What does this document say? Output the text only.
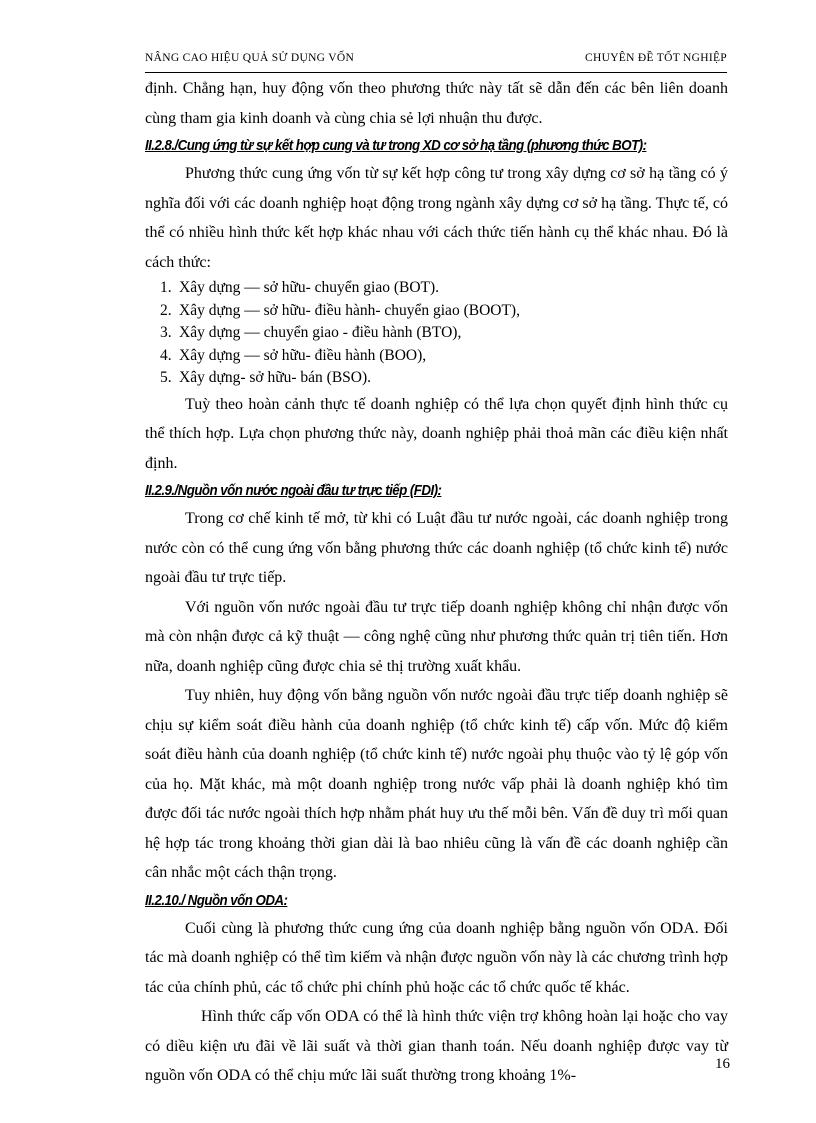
NÂNG CAO HIỆU QUẢ SỬ DỤNG VỐN	CHUYÊN ĐỀ TỐT NGHIỆP

định. Chẳng hạn, huy động vốn theo phương thức này tất sẽ dẫn đến các bên liên doanh cùng tham gia kinh doanh và cùng chia sẻ lợi nhuận thu được.

II.2.8./Cung ứng từ sự kết hợp cung và tư trong XD cơ sở hạ tầng (phương thức BOT):

Phương thức cung ứng vốn từ sự kết hợp công tư trong xây dựng cơ sở hạ tầng có ý nghĩa đối với các doanh nghiệp hoạt động trong ngành xây dựng cơ sở hạ tầng. Thực tế, có thể có nhiều hình thức kết hợp khác nhau với cách thức tiến hành cụ thể khác nhau. Đó là cách thức:

1. Xây dựng — sở hữu- chuyển giao (BOT).
2. Xây dựng — sở hữu- điều hành- chuyển giao (BOOT),
3. Xây dựng — chuyển giao - điều hành (BTO),
4. Xây dựng — sở hữu- điều hành (BOO),
5. Xây dựng- sở hữu- bán (BSO).

Tuỳ theo hoàn cảnh thực tế doanh nghiệp có thể lựa chọn quyết định hình thức cụ thể thích hợp. Lựa chọn phương thức này, doanh nghiệp phải thoả mãn các điều kiện nhất định.

II.2.9./Nguồn vốn nước ngoài đầu tư trực tiếp (FDI):

Trong cơ chế kinh tế mở, từ khi có Luật đầu tư nước ngoài, các doanh nghiệp trong nước còn có thể cung ứng vốn bằng phương thức các doanh nghiệp (tổ chức kinh tế) nước ngoài đầu tư trực tiếp.

Với nguồn vốn nước ngoài đầu tư trực tiếp doanh nghiệp không chỉ nhận được vốn mà còn nhận được cả kỹ thuật — công nghệ cũng như phương thức quản trị tiên tiến. Hơn nữa, doanh nghiệp cũng được chia sẻ thị trường xuất khẩu.

Tuy nhiên, huy động vốn bằng nguồn vốn nước ngoài đầu trực tiếp doanh nghiệp sẽ chịu sự kiểm soát điều hành của doanh nghiệp (tổ chức kinh tế) cấp vốn. Mức độ kiểm soát điều hành của doanh nghiệp (tổ chức kinh tế) nước ngoài phụ thuộc vào tỷ lệ góp vốn của họ. Mặt khác, mà một doanh nghiệp trong nước vấp phải là doanh nghiệp khó tìm được đối tác nước ngoài thích hợp nhằm phát huy ưu thế mỗi bên. Vấn đề duy trì mối quan hệ hợp tác trong khoảng thời gian dài là bao nhiêu cũng là vấn đề các doanh nghiệp cần cân nhắc một cách thận trọng.

II.2.10./ Nguồn vốn ODA:

Cuối cùng là phương thức cung ứng của doanh nghiệp bằng nguồn vốn ODA. Đối tác mà doanh nghiệp có thể tìm kiếm và nhận được nguồn vốn này là các chương trình hợp tác của chính phủ, các tổ chức phi chính phủ hoặc các tổ chức quốc tế khác.

Hình thức cấp vốn ODA có thể là hình thức viện trợ không hoàn lại hoặc cho vay có diều kiện ưu đãi về lãi suất và thời gian thanh toán. Nếu doanh nghiệp được vay từ nguồn vốn ODA có thể chịu mức lãi suất thường trong khoảng 1%-

16
